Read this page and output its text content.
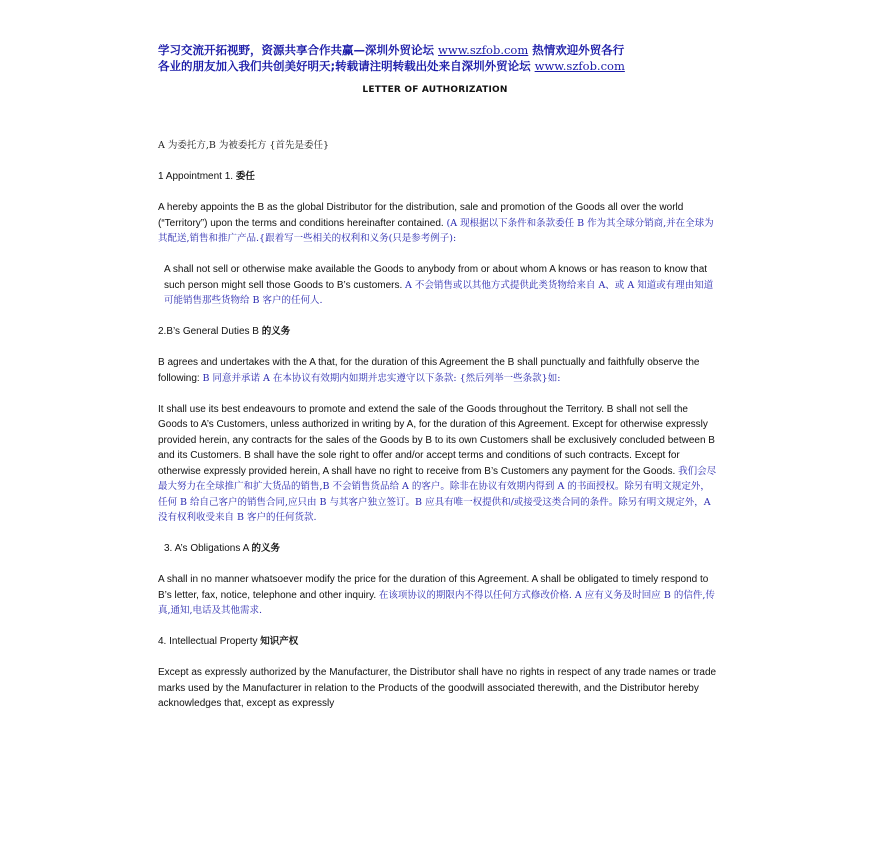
学习交流开拓视野，资源共享合作共赢—深圳外贸论坛 www.szfob.com 热情欢迎外贸各行
各业的朋友加入我们共创美好明天;转载请注明转载出处来自深圳外贸论坛 www.szfob.com
LETTER OF AUTHORIZATION

A 为委托方,B 为被委托方 {首先是委任}

1 Appointment 1. 委任

A hereby appoints the B as the global Distributor for the distribution, sale and promotion of the Goods all over the world (“Territory”) upon the terms and conditions hereinafter contained. (A 现根据以下条件和条款委任 B 作为其全球分销商,并在全球为其配送,销售和推广产品.{跟着写一些相关的权利和义务(只是参考例子):

A shall not sell or otherwise make available the Goods to anybody from or about whom A knows or has reason to know that such person might sell those Goods to B’s customers. A 不会销售或以其他方式提供此类货物给来自 A、或 A 知道或有理由知道可能销售那些货物给 B 客户的任何人.

2.B’s General Duties B 的义务

B agrees and undertakes with the A that, for the duration of this Agreement the B shall punctually and faithfully observe the following: B 同意并承诺 A 在本协议有效期内如期并忠实遵守以下条款: {然后列举一些条款}如:

It shall use its best endeavours to promote and extend the sale of the Goods throughout the Territory. B shall not sell the Goods to A’s Customers, unless authorized in writing by A, for the duration of this Agreement. Except for otherwise expressly provided herein, any contracts for the sales of the Goods by B to its own Customers shall be exclusively concluded between B and its Customers. B shall have the sole right to offer and/or accept terms and conditions of such contracts. Except for otherwise expressly provided herein, A shall have no right to receive from B’s Customers any payment for the Goods. 我们会尽最大努力在全球推广和扩大货品的销售,B 不会销售货品给 A 的客户。除非在协议有效期内得到 A 的书面授权。除另有明文规定外，任何 B 给自己客户的销售合同,应只由 B 与其客户独立签订。B 应具有唯一权提供和/或接受这类合同的条件。除另有明文规定外，A 没有权利收受来自 B 客户的任何货款.

3. A’s Obligations A 的义务

A shall in no manner whatsoever modify the price for the duration of this Agreement. A shall be obligated to timely respond to B’s letter, fax, notice, telephone and other inquiry. 在该项协议的期限内不得以任何方式修改价格. A 应有义务及时回应 B 的信件,传真,通知,电话及其他需求.

4. Intellectual Property 知识产权

Except as expressly authorized by the Manufacturer, the Distributor shall have no rights in respect of any trade names or trade marks used by the Manufacturer in relation to the Products of the goodwill associated therewith, and the Distributor hereby acknowledges that, except as expressly
